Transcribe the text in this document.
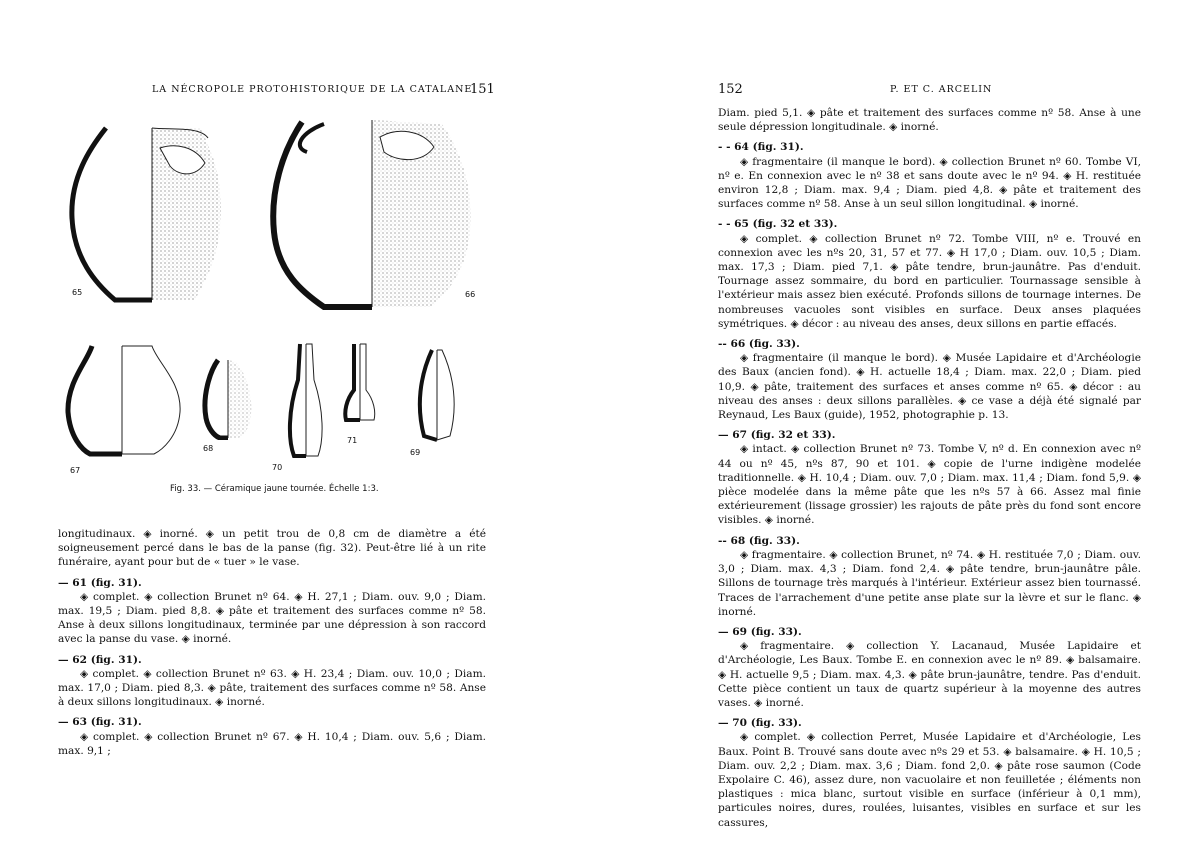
LA NÉCROPOLE PROTOHISTORIQUE DE LA CATALANE
151
65	66
67
68
70
71
69
Fig. 33. — Céramique jaune tournée. Échelle 1:3.

longitudinaux. ◈ inorné. ◈ un petit trou de 0,8 cm de diamètre a été soigneusement percé dans le bas de la panse (fig. 32). Peut-être lié à un rite funéraire, ayant pour but de « tuer » le vase.

— 61 (fig. 31).

◈ complet. ◈ collection Brunet nº 64. ◈ H. 27,1 ; Diam. ouv. 9,0 ; Diam. max. 19,5 ; Diam. pied 8,8. ◈ pâte et traitement des surfaces comme nº 58. Anse à deux sillons longitudinaux, terminée par une dépression à son raccord avec la panse du vase. ◈ inorné.

— 62 (fig. 31).

◈ complet. ◈ collection Brunet nº 63. ◈ H. 23,4 ; Diam. ouv. 10,0 ; Diam. max. 17,0 ; Diam. pied 8,3. ◈ pâte, traitement des surfaces comme nº 58. Anse à deux sillons longitudinaux. ◈ inorné.

— 63 (fig. 31).

◈ complet. ◈ collection Brunet nº 67. ◈ H. 10,4 ; Diam. ouv. 5,6 ; Diam. max. 9,1 ;

152	P. ET C. ARCELIN

Diam. pied 5,1. ◈ pâte et traitement des surfaces comme nº 58. Anse à une seule dépression longitudinale. ◈ inorné.

- - 64 (fig. 31).

◈ fragmentaire (il manque le bord). ◈ collection Brunet nº 60. Tombe VI, nº e. En connexion avec le nº 38 et sans doute avec le nº 94. ◈ H. restituée environ 12,8 ; Diam. max. 9,4 ; Diam. pied 4,8. ◈ pâte et traitement des surfaces comme nº 58. Anse à un seul sillon longitudinal. ◈ inorné.

- - 65 (fig. 32 et 33).

◈ complet. ◈ collection Brunet nº 72. Tombe VIII, nº e. Trouvé en connexion avec les nºs 20, 31, 57 et 77. ◈ H 17,0 ; Diam. ouv. 10,5 ; Diam. max. 17,3 ; Diam. pied 7,1. ◈ pâte tendre, brun-jaunâtre. Pas d'enduit. Tournage assez sommaire, du bord en particulier. Tournassage sensible à l'extérieur mais assez bien exécuté. Profonds sillons de tournage internes. De nombreuses vacuoles sont visibles en surface. Deux anses plaquées symétriques. ◈ décor : au niveau des anses, deux sillons en partie effacés.

-- 66 (fig. 33).

◈ fragmentaire (il manque le bord). ◈ Musée Lapidaire et d'Archéologie des Baux (ancien fond). ◈ H. actuelle 18,4 ; Diam. max. 22,0 ; Diam. pied 10,9. ◈ pâte, traitement des surfaces et anses comme nº 65. ◈ décor : au niveau des anses : deux sillons parallèles. ◈ ce vase a déjà été signalé par Reynaud, Les Baux (guide), 1952, photographie p. 13.

— 67 (fig. 32 et 33).

◈ intact. ◈ collection Brunet nº 73. Tombe V, nº d. En connexion avec nº 44 ou nº 45, nºs 87, 90 et 101. ◈ copie de l'urne indigène modelée traditionnelle. ◈ H. 10,4 ; Diam. ouv. 7,0 ; Diam. max. 11,4 ; Diam. fond 5,9. ◈ pièce modelée dans la même pâte que les nºs 57 à 66. Assez mal finie extérieurement (lissage grossier) les rajouts de pâte près du fond sont encore visibles. ◈ inorné.

-- 68 (fig. 33).

◈ fragmentaire. ◈ collection Brunet, nº 74. ◈ H. restituée 7,0 ; Diam. ouv. 3,0 ; Diam. max. 4,3 ; Diam. fond 2,4. ◈ pâte tendre, brun-jaunâtre pâle. Sillons de tournage très marqués à l'intérieur. Extérieur assez bien tournassé. Traces de l'arrachement d'une petite anse plate sur la lèvre et sur le flanc. ◈ inorné.

— 69 (fig. 33).

◈ fragmentaire. ◈ collection Y. Lacanaud, Musée Lapidaire et d'Archéologie, Les Baux. Tombe E. en connexion avec le nº 89. ◈ balsamaire. ◈ H. actuelle 9,5 ; Diam. max. 4,3. ◈ pâte brun-jaunâtre, tendre. Pas d'enduit. Cette pièce contient un taux de quartz supérieur à la moyenne des autres vases. ◈ inorné.

— 70 (fig. 33).

◈ complet. ◈ collection Perret, Musée Lapidaire et d'Archéologie, Les Baux. Point B. Trouvé sans doute avec nºs 29 et 53. ◈ balsamaire. ◈ H. 10,5 ; Diam. ouv. 2,2 ; Diam. max. 3,6 ; Diam. fond 2,0. ◈ pâte rose saumon (Code Expolaire C. 46), assez dure, non vacuolaire et non feuilletée ; éléments non plastiques : mica blanc, surtout visible en surface (inférieur à 0,1 mm), particules noires, dures, roulées, luisantes, visibles en surface et sur les cassures,
